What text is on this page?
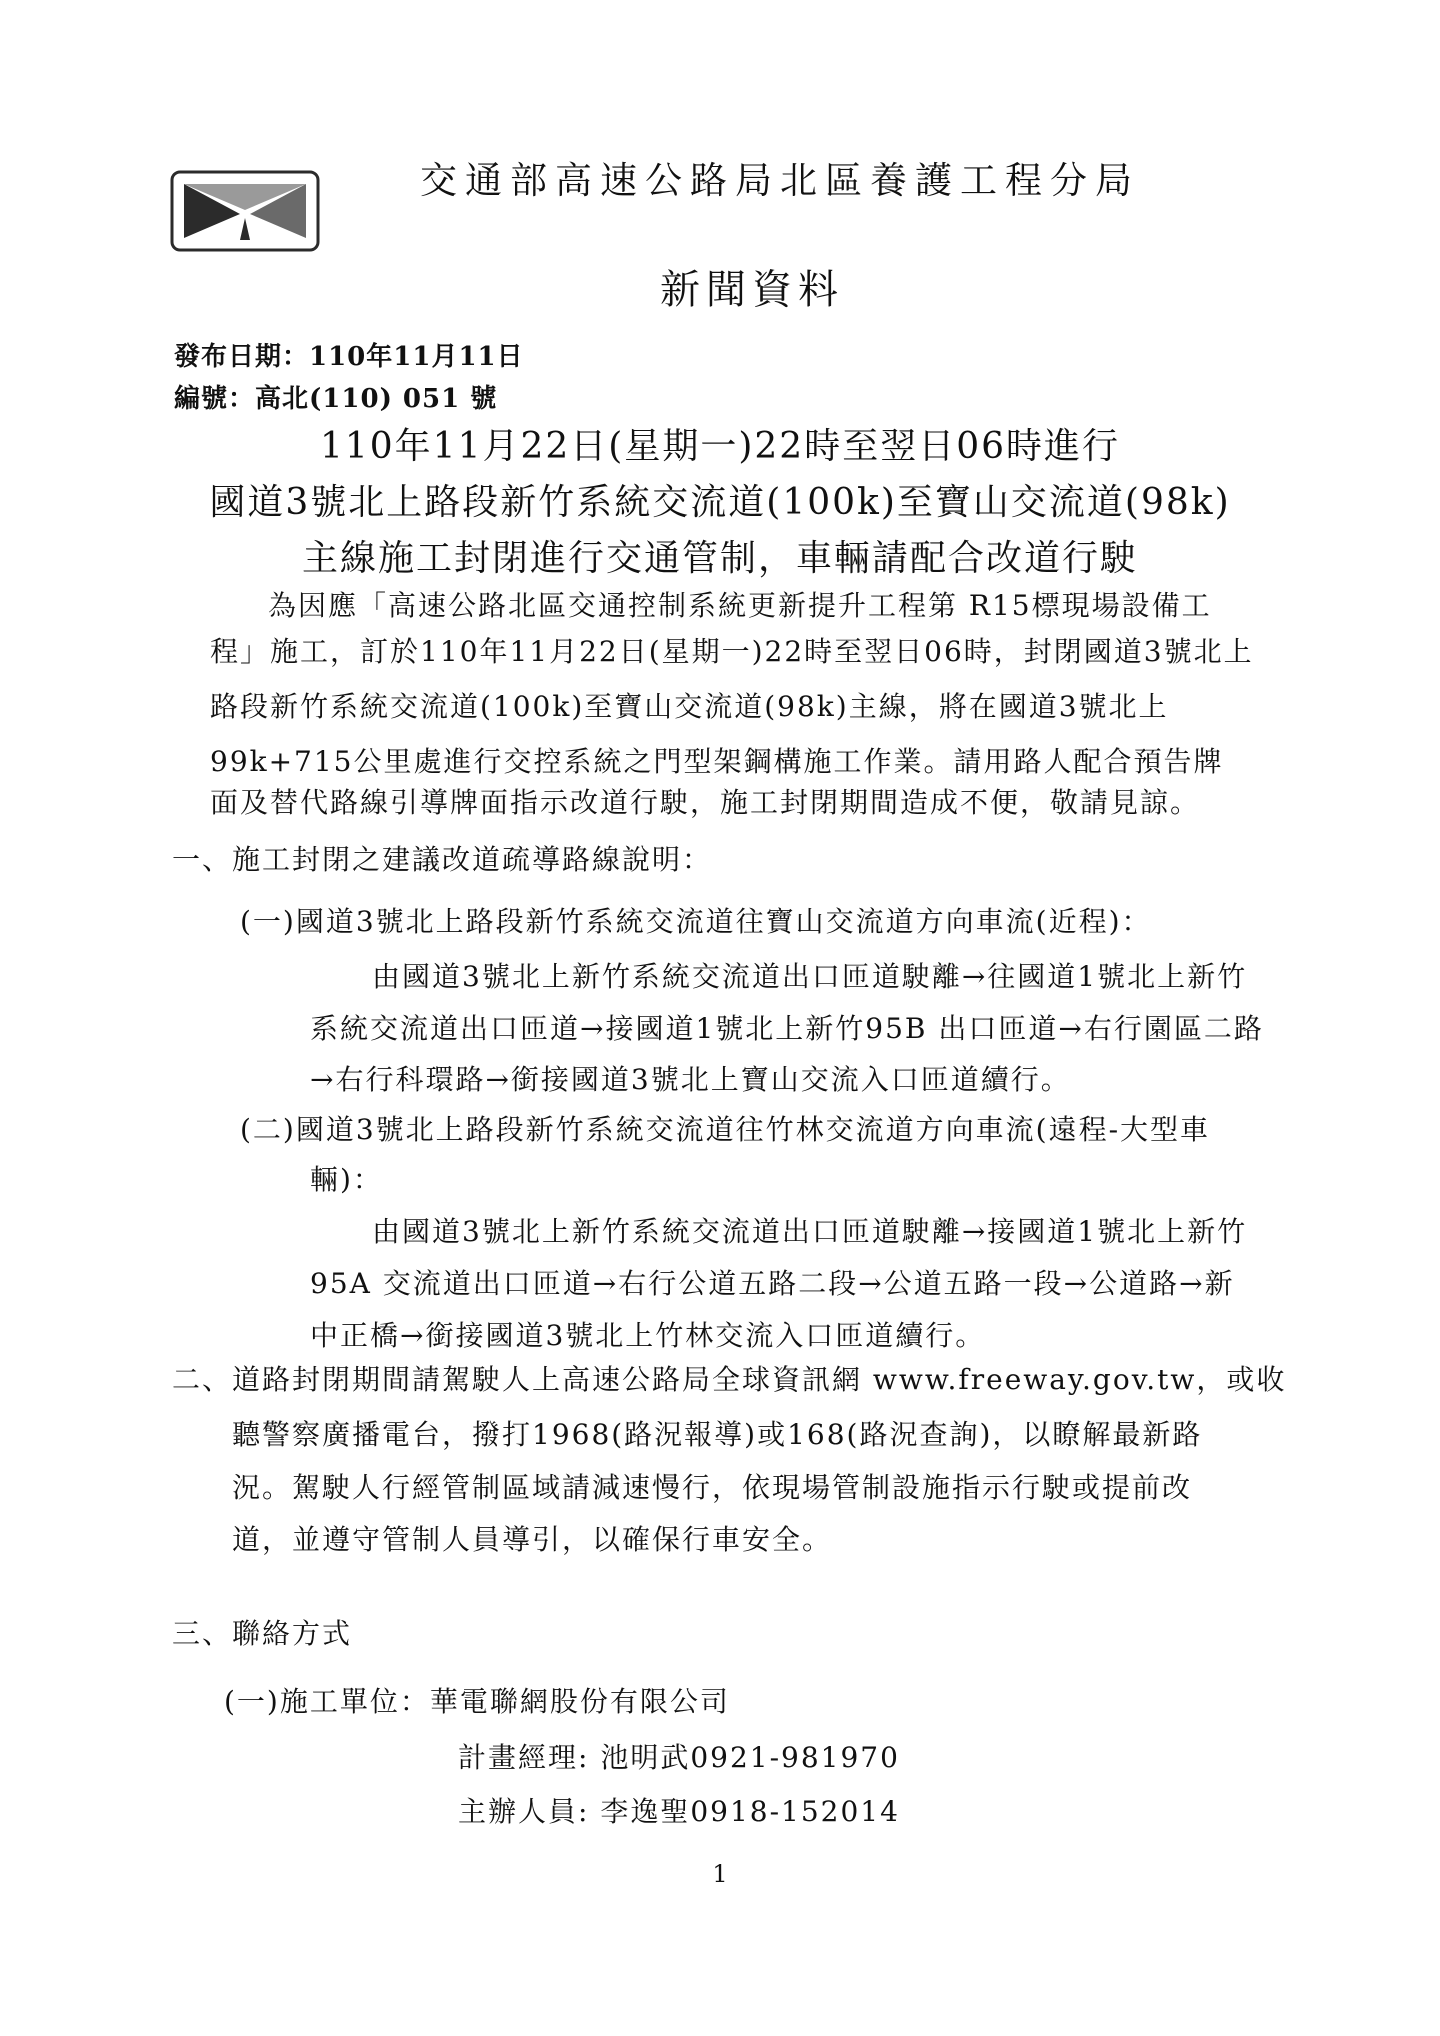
交通部高速公路局北區養護工程分局
新聞資料
發布日期：110年11月11日
編號：高北(110) 051 號
110年11月22日(星期一)22時至翌日06時進行
國道3號北上路段新竹系統交流道(100k)至寶山交流道(98k)
主線施工封閉進行交通管制，車輛請配合改道行駛
為因應「高速公路北區交通控制系統更新提升工程第 R15標現場設備工
程」施工，訂於110年11月22日(星期一)22時至翌日06時，封閉國道3號北上
路段新竹系統交流道(100k)至寶山交流道(98k)主線，將在國道3號北上
99k+715公里處進行交控系統之門型架鋼構施工作業。請用路人配合預告牌
面及替代路線引導牌面指示改道行駛，施工封閉期間造成不便，敬請見諒。
一、施工封閉之建議改道疏導路線說明：
(一)國道3號北上路段新竹系統交流道往寶山交流道方向車流(近程)：
由國道3號北上新竹系統交流道出口匝道駛離→往國道1號北上新竹
系統交流道出口匝道→接國道1號北上新竹95B 出口匝道→右行園區二路
→右行科環路→銜接國道3號北上寶山交流入口匝道續行。
(二)國道3號北上路段新竹系統交流道往竹林交流道方向車流(遠程-大型車
輛)：
由國道3號北上新竹系統交流道出口匝道駛離→接國道1號北上新竹
95A 交流道出口匝道→右行公道五路二段→公道五路一段→公道路→新
中正橋→銜接國道3號北上竹林交流入口匝道續行。
二、道路封閉期間請駕駛人上高速公路局全球資訊網 www.freeway.gov.tw，或收
聽警察廣播電台，撥打1968(路況報導)或168(路況查詢)，以瞭解最新路
況。駕駛人行經管制區域請減速慢行，依現場管制設施指示行駛或提前改
道，並遵守管制人員導引，以確保行車安全。
三、聯絡方式
(一)施工單位：華電聯網股份有限公司
計畫經理: 池明武0921-981970
主辦人員: 李逸聖0918-152014
1
